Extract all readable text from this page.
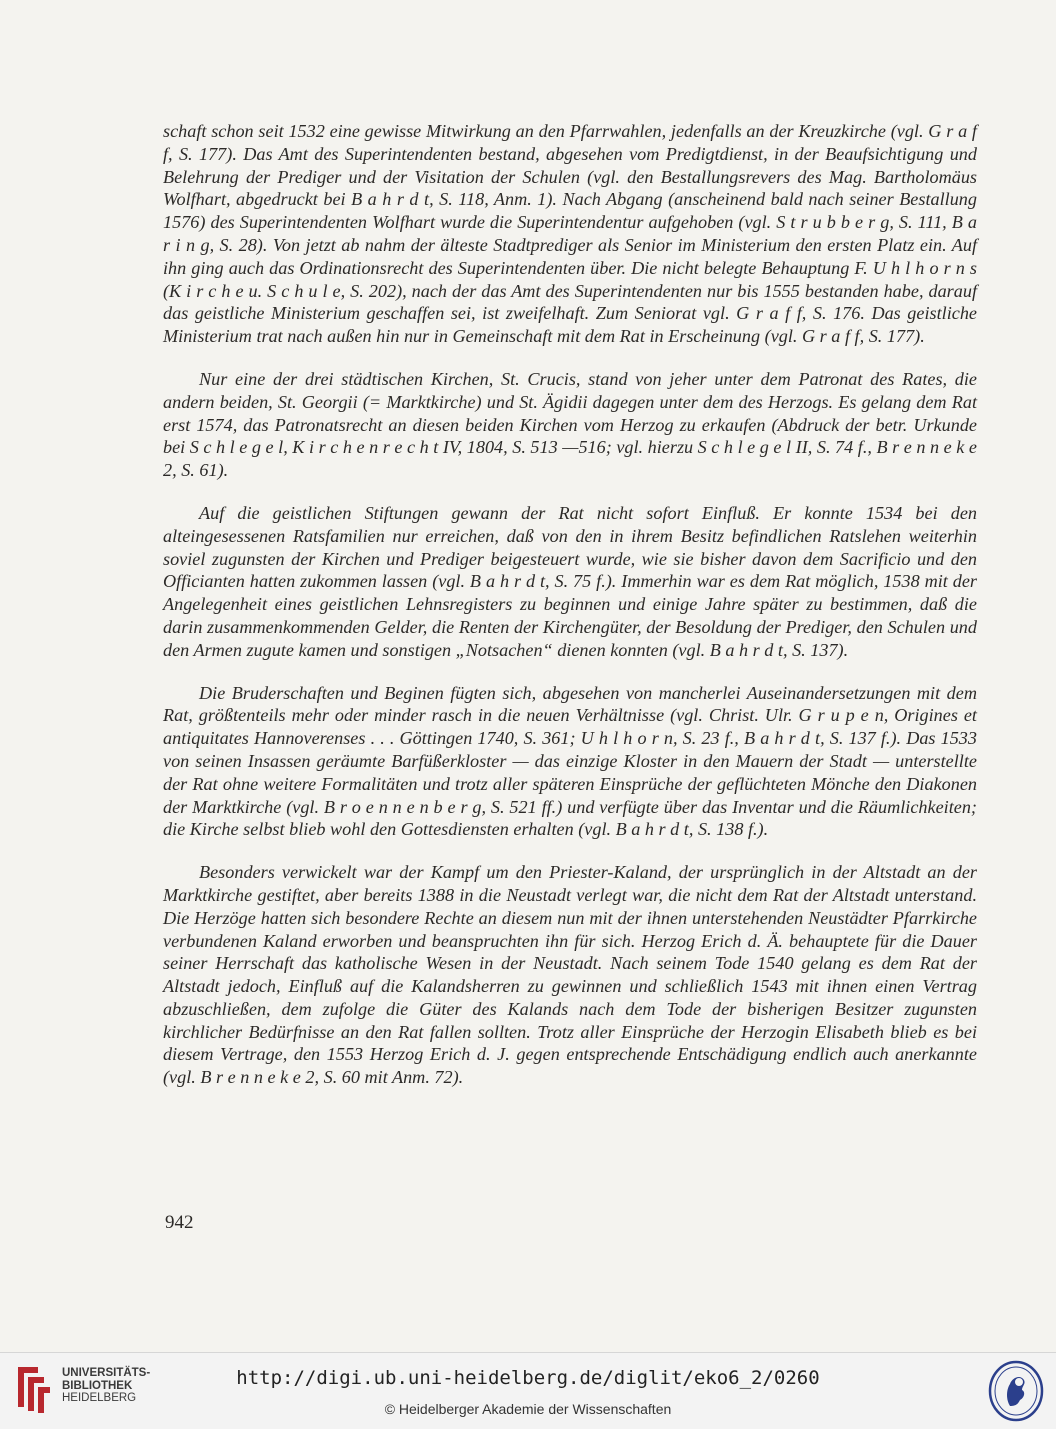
schaft schon seit 1532 eine gewisse Mitwirkung an den Pfarrwahlen, jedenfalls an der Kreuzkirche (vgl. G r a f f, S. 177). Das Amt des Superintendenten bestand, abgesehen vom Predigtdienst, in der Beaufsichtigung und Belehrung der Prediger und der Visitation der Schulen (vgl. den Bestallungsrevers des Mag. Bartholomäus Wolfhart, abgedruckt bei B a h r d t, S. 118, Anm. 1). Nach Abgang (anscheinend bald nach seiner Bestallung 1576) des Superintendenten Wolfhart wurde die Superintendentur aufgehoben (vgl. S t r u b b e r g, S. 111, B a r i n g, S. 28). Von jetzt ab nahm der älteste Stadtprediger als Senior im Ministerium den ersten Platz ein. Auf ihn ging auch das Ordinationsrecht des Superintendenten über. Die nicht belegte Behauptung F. U h l h o r n s (K i r c h e u. S c h u l e, S. 202), nach der das Amt des Superintendenten nur bis 1555 bestanden habe, darauf das geistliche Ministerium geschaffen sei, ist zweifelhaft. Zum Seniorat vgl. G r a f f, S. 176. Das geistliche Ministerium trat nach außen hin nur in Gemeinschaft mit dem Rat in Erscheinung (vgl. G r a f f, S. 177).

Nur eine der drei städtischen Kirchen, St. Crucis, stand von jeher unter dem Patronat des Rates, die andern beiden, St. Georgii (= Marktkirche) und St. Ägidii dagegen unter dem des Herzogs. Es gelang dem Rat erst 1574, das Patronatsrecht an diesen beiden Kirchen vom Herzog zu erkaufen (Abdruck der betr. Urkunde bei S c h l e g e l, K i r c h e n r e c h t IV, 1804, S. 513 —516; vgl. hierzu S c h l e g e l II, S. 74 f., B r e n n e k e 2, S. 61).

Auf die geistlichen Stiftungen gewann der Rat nicht sofort Einfluß. Er konnte 1534 bei den alteingesessenen Ratsfamilien nur erreichen, daß von den in ihrem Besitz befindlichen Ratslehen weiterhin soviel zugunsten der Kirchen und Prediger beigesteuert wurde, wie sie bisher davon dem Sacrificio und den Officianten hatten zukommen lassen (vgl. B a h r d t, S. 75 f.). Immerhin war es dem Rat möglich, 1538 mit der Angelegenheit eines geistlichen Lehnsregisters zu beginnen und einige Jahre später zu bestimmen, daß die darin zusammenkommenden Gelder, die Renten der Kirchengüter, der Besoldung der Prediger, den Schulen und den Armen zugute kamen und sonstigen „Notsachen“ dienen konnten (vgl. B a h r d t, S. 137).

Die Bruderschaften und Beginen fügten sich, abgesehen von mancherlei Auseinandersetzungen mit dem Rat, größtenteils mehr oder minder rasch in die neuen Verhältnisse (vgl. Christ. Ulr. G r u p e n, Origines et antiquitates Hannoverenses . . . Göttingen 1740, S. 361; U h l h o r n, S. 23 f., B a h r d t, S. 137 f.). Das 1533 von seinen Insassen geräumte Barfüßerkloster — das einzige Kloster in den Mauern der Stadt — unterstellte der Rat ohne weitere Formalitäten und trotz aller späteren Einsprüche der geflüchteten Mönche den Diakonen der Marktkirche (vgl. B r o e n n e n b e r g, S. 521 ff.) und verfügte über das Inventar und die Räumlichkeiten; die Kirche selbst blieb wohl den Gottesdiensten erhalten (vgl. B a h r d t, S. 138 f.).

Besonders verwickelt war der Kampf um den Priester-Kaland, der ursprünglich in der Altstadt an der Marktkirche gestiftet, aber bereits 1388 in die Neustadt verlegt war, die nicht dem Rat der Altstadt unterstand. Die Herzöge hatten sich besondere Rechte an diesem nun mit der ihnen unterstehenden Neustädter Pfarrkirche verbundenen Kaland erworben und beanspruchten ihn für sich. Herzog Erich d. Ä. behauptete für die Dauer seiner Herrschaft das katholische Wesen in der Neustadt. Nach seinem Tode 1540 gelang es dem Rat der Altstadt jedoch, Einfluß auf die Kalandsherren zu gewinnen und schließlich 1543 mit ihnen einen Vertrag abzuschließen, dem zufolge die Güter des Kalands nach dem Tode der bisherigen Besitzer zugunsten kirchlicher Bedürfnisse an den Rat fallen sollten. Trotz aller Einsprüche der Herzogin Elisabeth blieb es bei diesem Vertrage, den 1553 Herzog Erich d. J. gegen entsprechende Entschädigung endlich auch anerkannte (vgl. B r e n n e k e 2, S. 60 mit Anm. 72).

942
UNIVERSITÄTS-
BIBLIOTHEK
HEIDELBERG
http://digi.ub.uni-heidelberg.de/diglit/eko6_2/0260
© Heidelberger Akademie der Wissenschaften
